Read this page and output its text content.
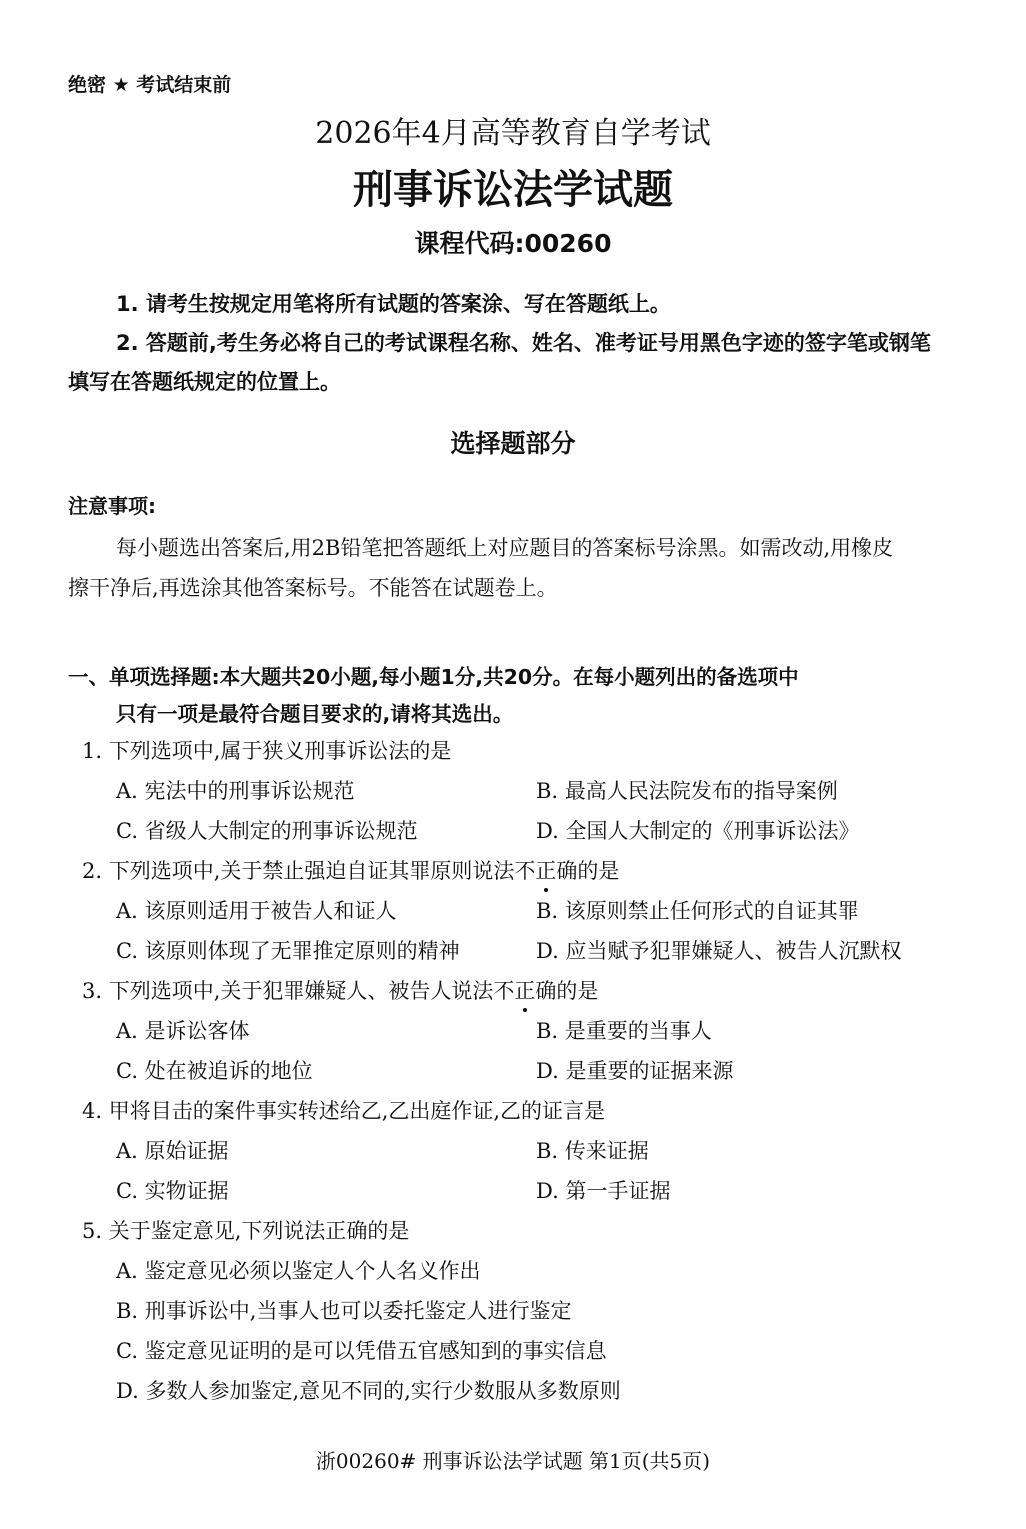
绝密 ★ 考试结束前
2026年4月高等教育自学考试
刑事诉讼法学试题
课程代码:00260
1. 请考生按规定用笔将所有试题的答案涂、写在答题纸上。
2. 答题前,考生务必将自己的考试课程名称、姓名、准考证号用黑色字迹的签字笔或钢笔
填写在答题纸规定的位置上。
选择题部分
注意事项:
每小题选出答案后,用2B铅笔把答题纸上对应题目的答案标号涂黑。如需改动,用橡皮
擦干净后,再选涂其他答案标号。不能答在试题卷上。
一、单项选择题:本大题共20小题,每小题1分,共20分。在每小题列出的备选项中
只有一项是最符合题目要求的,请将其选出。
1. 下列选项中,属于狭义刑事诉讼法的是
A. 宪法中的刑事诉讼规范	B. 最高人民法院发布的指导案例
C. 省级人大制定的刑事诉讼规范	D. 全国人大制定的《刑事诉讼法》
2. 下列选项中,关于禁止强迫自证其罪原则说法不正确的是
A. 该原则适用于被告人和证人	B. 该原则禁止任何形式的自证其罪
C. 该原则体现了无罪推定原则的精神	D. 应当赋予犯罪嫌疑人、被告人沉默权
3. 下列选项中,关于犯罪嫌疑人、被告人说法不正确的是
A. 是诉讼客体	B. 是重要的当事人
C. 处在被追诉的地位	D. 是重要的证据来源
4. 甲将目击的案件事实转述给乙,乙出庭作证,乙的证言是
A. 原始证据	B. 传来证据
C. 实物证据	D. 第一手证据
5. 关于鉴定意见,下列说法正确的是
A. 鉴定意见必须以鉴定人个人名义作出
B. 刑事诉讼中,当事人也可以委托鉴定人进行鉴定
C. 鉴定意见证明的是可以凭借五官感知到的事实信息
D. 多数人参加鉴定,意见不同的,实行少数服从多数原则
浙00260# 刑事诉讼法学试题 第1页(共5页)
